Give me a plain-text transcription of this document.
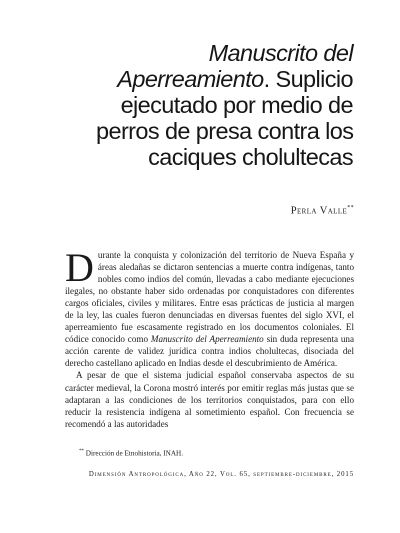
Manuscrito del
Aperreamiento. Suplicio
ejecutado por medio de
perros de presa contra los
caciques cholultecas

Perla Valle**

Durante la conquista y colonización del territorio de Nueva España y áreas aledañas se dictaron sentencias a muerte contra indígenas, tanto nobles como indios del común, llevadas a cabo mediante ejecuciones ilegales, no obstante haber sido ordenadas por conquistadores con diferentes cargos oficiales, civiles y militares. Entre esas prácticas de justicia al margen de la ley, las cuales fueron denunciadas en diversas fuentes del siglo XVI, el aperreamiento fue escasamente registrado en los documentos coloniales. El códice conocido como Manuscrito del Aperreamiento sin duda representa una acción carente de validez jurídica contra indios cholultecas, disociada del derecho castellano aplicado en Indias desde el descubrimiento de América.

A pesar de que el sistema judicial español conservaba aspectos de su carácter medieval, la Corona mostró interés por emitir reglas más justas que se adaptaran a las condiciones de los territorios conquistados, para con ello reducir la resistencia indígena al sometimiento español. Con frecuencia se recomendó a las autoridades

** Dirección de Etnohistoria, INAH.

Dimensión Antropológica, Año 22, Vol. 65, septiembre-diciembre, 2015
